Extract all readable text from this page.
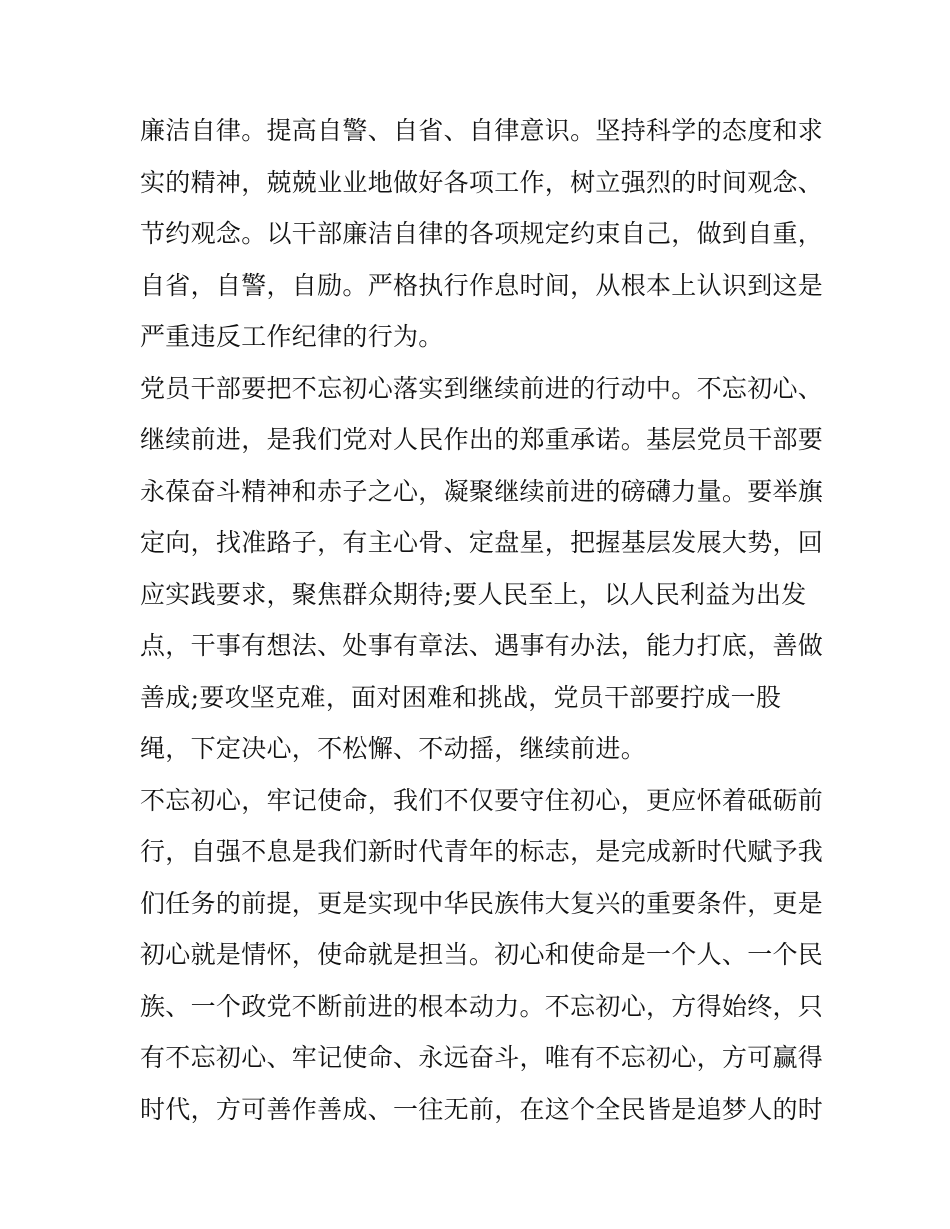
廉洁自律。提高自警、自省、自律意识。坚持科学的态度和求
实的精神，兢兢业业地做好各项工作，树立强烈的时间观念、
节约观念。以干部廉洁自律的各项规定约束自己，做到自重，
自省，自警，自励。严格执行作息时间，从根本上认识到这是
严重违反工作纪律的行为。
党员干部要把不忘初心落实到继续前进的行动中。不忘初心、
继续前进，是我们党对人民作出的郑重承诺。基层党员干部要
永葆奋斗精神和赤子之心，凝聚继续前进的磅礴力量。要举旗
定向，找准路子，有主心骨、定盘星，把握基层发展大势，回
应实践要求，聚焦群众期待;要人民至上，以人民利益为出发
点，干事有想法、处事有章法、遇事有办法，能力打底，善做
善成;要攻坚克难，面对困难和挑战，党员干部要拧成一股
绳，下定决心，不松懈、不动摇，继续前进。
不忘初心，牢记使命，我们不仅要守住初心，更应怀着砥砺前
行，自强不息是我们新时代青年的标志，是完成新时代赋予我
们任务的前提，更是实现中华民族伟大复兴的重要条件，更是
初心就是情怀，使命就是担当。初心和使命是一个人、一个民
族、一个政党不断前进的根本动力。不忘初心，方得始终，只
有不忘初心、牢记使命、永远奋斗，唯有不忘初心，方可赢得
时代，方可善作善成、一往无前，在这个全民皆是追梦人的时
